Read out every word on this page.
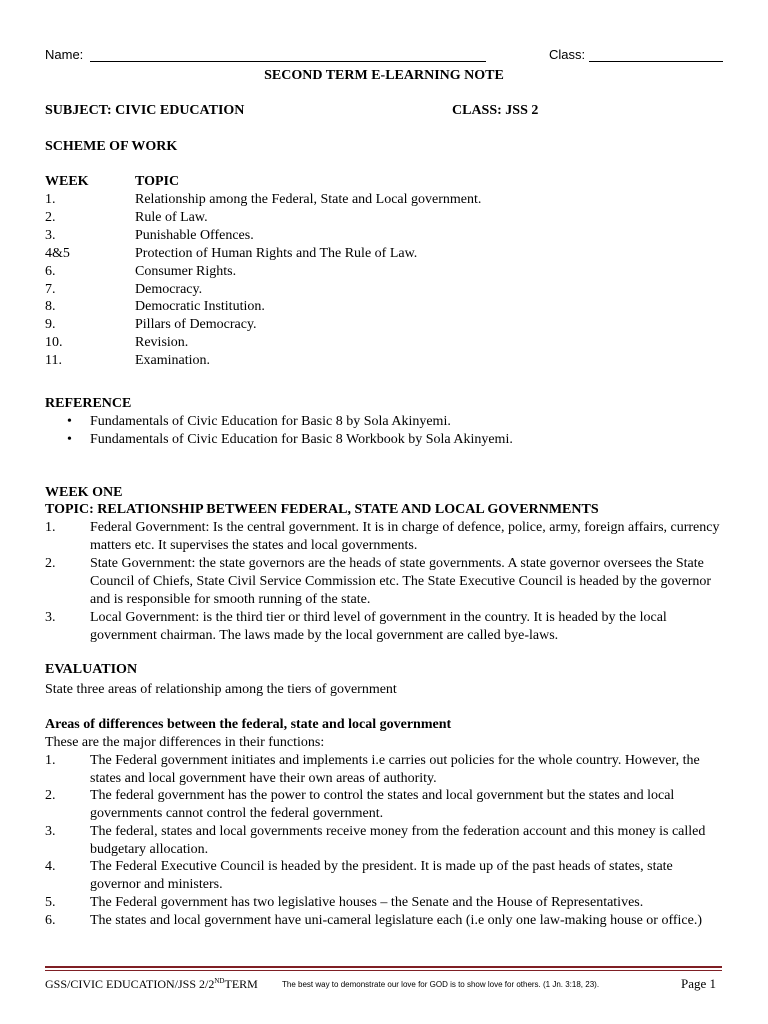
Name:	Class:
SECOND TERM E-LEARNING NOTE
SUBJECT: CIVIC EDUCATION	CLASS: JSS 2
SCHEME OF WORK
WEEK	TOPIC
1.	Relationship among the Federal, State and Local government.
2.	Rule of Law.
3.	Punishable Offences.
4&5	Protection of Human Rights and The Rule of Law.
6.	Consumer Rights.
7.	Democracy.
8.	Democratic Institution.
9.	Pillars of Democracy.
10.	Revision.
11.	Examination.
REFERENCE
• Fundamentals of Civic Education for Basic 8 by Sola Akinyemi.
• Fundamentals of Civic Education for Basic 8 Workbook by Sola Akinyemi.
WEEK ONE
TOPIC: RELATIONSHIP BETWEEN FEDERAL, STATE AND LOCAL GOVERNMENTS
1. Federal Government: Is the central government. It is in charge of defence, police, army, foreign affairs, currency matters etc. It supervises the states and local governments.
2. State Government: the state governors are the heads of state governments. A state governor oversees the State Council of Chiefs, State Civil Service Commission etc. The State Executive Council is headed by the governor and is responsible for smooth running of the state.
3. Local Government: is the third tier or third level of government in the country. It is headed by the local government chairman. The laws made by the local government are called bye-laws.
EVALUATION
State three areas of relationship among the tiers of government
Areas of differences between the federal, state and local government
These are the major differences in their functions:
1. The Federal government initiates and implements i.e carries out policies for the whole country. However, the states and local government have their own areas of authority.
2. The federal government has the power to control the states and local government but the states and local governments cannot control the federal government.
3. The federal, states and local governments receive money from the federation account and this money is called budgetary allocation.
4. The Federal Executive Council is headed by the president. It is made up of the past heads of states, state governor and ministers.
5. The Federal government has two legislative houses – the Senate and the House of Representatives.
6. The states and local government have uni-cameral legislature each (i.e only one law-making house or office.)
GSS/CIVIC EDUCATION/JSS 2/2NDTERM	The best way to demonstrate our love for GOD is to show love for others. (1 Jn. 3:18, 23).	Page 1
